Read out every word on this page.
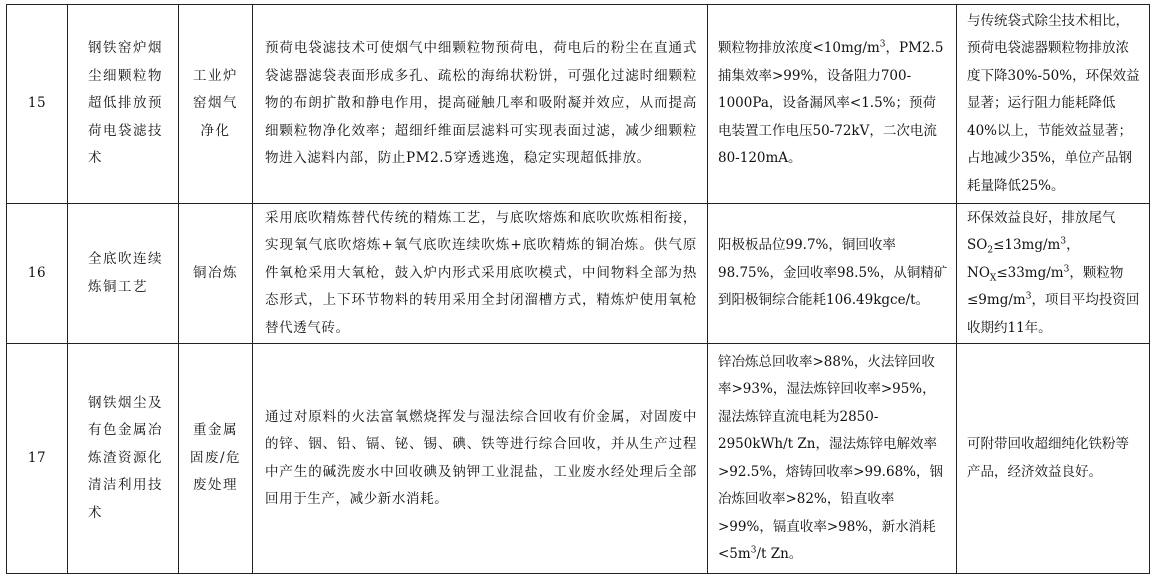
15	钢铁窑炉烟尘细颗粒物超低排放预荷电袋滤技术	工业炉窑烟气净化	预荷电袋滤技术可使烟气中细颗粒物预荷电，荷电后的粉尘在直通式袋滤器滤袋表面形成多孔、疏松的海绵状粉饼，可强化过滤时细颗粒物的布朗扩散和静电作用，提高碰触几率和吸附凝并效应，从而提高细颗粒物净化效率；超细纤维面层滤料可实现表面过滤，减少细颗粒物进入滤料内部，防止PM2.5穿透逃逸，稳定实现超低排放。	颗粒物排放浓度$<10mg/m^3$，PM2.5捕集效率>99%，设备阻力700-1000Pa，设备漏风率<1.5%；预荷电装置工作电压50-72kV，二次电流80-120mA。	与传统袋式除尘技术相比，预荷电袋滤器颗粒物排放浓度下降30%-50%，环保效益显著；运行阻力能耗降低40%以上，节能效益显著；占地减少35%，单位产品钢耗量降低25%。

16	全底吹连续炼铜工艺	铜冶炼	采用底吹精炼替代传统的精炼工艺，与底吹熔炼和底吹吹炼相衔接，实现氧气底吹熔炼+氧气底吹连续吹炼+底吹精炼的铜冶炼。供气原件氧枪采用大氧枪，鼓入炉内形式采用底吹模式，中间物料全部为热态形式，上下环节物料的转用采用全封闭溜槽方式，精炼炉使用氧枪替代透气砖。	阳极板品位99.7%，铜回收率98.75%，金回收率98.5%，从铜精矿到阳极铜综合能耗106.49kgce/t。	环保效益良好，排放尾气$SO_2\le 13mg/m^3$，$NO_X\le 33mg/m^3$，颗粒物$\le 9mg/m^3$，项目平均投资回收期约11年。

17	钢铁烟尘及有色金属冶炼渣资源化清洁利用技术	重金属固废/危废处理	通过对原料的火法富氧燃烧挥发与湿法综合回收有价金属，对固废中的锌、铟、铅、镉、铋、锡、碘、铁等进行综合回收，并从生产过程中产生的碱洗废水中回收碘及钠钾工业混盐，工业废水经处理后全部回用于生产，减少新水消耗。	锌冶炼总回收率>88%，火法锌回收率>93%，湿法炼锌回收率>95%，湿法炼锌直流电耗为2850-2950kWh/t Zn，湿法炼锌电解效率>92.5%，熔铸回收率>99.68%，铟冶炼回收率>82%，铅直收率>99%，镉直收率>98%，新水消耗$<5m^3/t$ Zn。	可附带回收超细纯化铁粉等产品，经济效益良好。
